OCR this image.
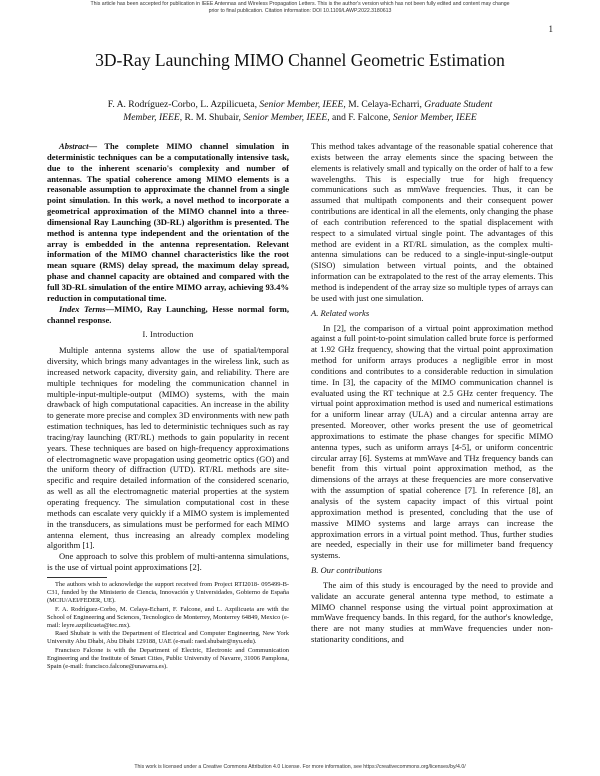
This article has been accepted for publication in IEEE Antennas and Wireless Propagation Letters. This is the author's version which has not been fully edited and content may change prior to final publication. Citation information: DOI 10.1109/LAWP.2022.3180613
1
3D-Ray Launching MIMO Channel Geometric Estimation
F. A. Rodríguez-Corbo, L. Azpilicueta, Senior Member, IEEE, M. Celaya-Echarri, Graduate Student
Member, IEEE, R. M. Shubair, Senior Member, IEEE, and F. Falcone, Senior Member, IEEE

Abstract— The complete MIMO channel simulation in deterministic techniques can be a computationally intensive task, due to the inherent scenario's complexity and number of antennas. The spatial coherence among MIMO elements is a reasonable assumption to approximate the channel from a single point simulation. In this work, a novel method to incorporate a geometrical approximation of the MIMO channel into a three-dimensional Ray Launching (3D-RL) algorithm is presented. The method is antenna type independent and the orientation of the array is embedded in the antenna representation. Relevant information of the MIMO channel characteristics like the root mean square (RMS) delay spread, the maximum delay spread, phase and channel capacity are obtained and compared with the full 3D-RL simulation of the entire MIMO array, achieving 93.4% reduction in computational time.

Index Terms—MIMO, Ray Launching, Hesse normal form, channel response.

I. Introduction

Multiple antenna systems allow the use of spatial/temporal diversity, which brings many advantages in the wireless link, such as increased network capacity, diversity gain, and reliability. There are multiple techniques for modeling the communication channel in multiple-input-multiple-output (MIMO) systems, with the main drawback of high computational capacities. An increase in the ability to generate more precise and complex 3D environments with new path estimation techniques, has led to deterministic techniques such as ray tracing/ray launching (RT/RL) methods to gain popularity in recent years. These techniques are based on high-frequency approximations of electromagnetic wave propagation using geometric optics (GO) and the uniform theory of diffraction (UTD). RT/RL methods are site-specific and require detailed information of the considered scenario, as well as all the electromagnetic material properties at the system operating frequency. The simulation computational cost in these methods can escalate very quickly if a MIMO system is implemented in the transducers, as simulations must be performed for each MIMO antenna element, thus increasing an already complex modeling algorithm [1].

One approach to solve this problem of multi-antenna simulations, is the use of virtual point approximations [2].

The authors wish to acknowledge the support received from Project RTI2018- 095499-B-C31, funded by the Ministerio de Ciencia, Innovación y Universidades, Gobierno de España (MCIU/AEI/FEDER, UE).

F. A. Rodríguez-Corbo, M. Celaya-Echarri, F. Falcone, and L. Azpilicueta are with the School of Engineering and Sciences, Tecnologico de Monterrey, Monterrey 64849, Mexico (e-mail: leyre.azpilicueta@tec.mx).

Raed Shubair is with the Department of Electrical and Computer Engineering, New York University Abu Dhabi, Abu Dhabi 129188, UAE (e-mail: raed.shubair@nyu.edu).

Francisco Falcone is with the Department of Electric, Electronic and Communication Engineering and the Institute of Smart Cities, Public University of Navarre, 31006 Pamplona, Spain (e-mail: francisco.falcone@unavarra.es).

This method takes advantage of the reasonable spatial coherence that exists between the array elements since the spacing between the elements is relatively small and typically on the order of half to a few wavelengths. This is especially true for high frequency communications such as mmWave frequencies. Thus, it can be assumed that multipath components and their consequent power contributions are identical in all the elements, only changing the phase of each contribution referenced to the spatial displacement with respect to a simulated virtual single point. The advantages of this method are evident in a RT/RL simulation, as the complex multi-antenna simulations can be reduced to a single-input-single-output (SISO) simulation between virtual points, and the obtained information can be extrapolated to the rest of the array elements. This method is independent of the array size so multiple types of arrays can be used with just one simulation.

A. Related works

In [2], the comparison of a virtual point approximation method against a full point-to-point simulation called brute force is performed at 1.92 GHz frequency, showing that the virtual point approximation method for uniform arrays produces a negligible error in most conditions and contributes to a considerable reduction in simulation time. In [3], the capacity of the MIMO communication channel is evaluated using the RT technique at 2.5 GHz center frequency. The virtual point approximation method is used and numerical estimations for a uniform linear array (ULA) and a circular antenna array are presented. Moreover, other works present the use of geometrical approximations to estimate the phase changes for specific MIMO antenna types, such as uniform arrays [4-5], or uniform concentric circular array [6]. Systems at mmWave and THz frequency bands can benefit from this virtual point approximation method, as the dimensions of the arrays at these frequencies are more conservative with the assumption of spatial coherence [7]. In reference [8], an analysis of the system capacity impact of this virtual point approximation method is presented, concluding that the use of massive MIMO systems and large arrays can increase the approximation errors in a virtual point method. Thus, further studies are needed, especially in their use for millimeter band frequency systems.

B. Our contributions

The aim of this study is encouraged by the need to provide and validate an accurate general antenna type method, to estimate a MIMO channel response using the virtual point approximation at mmWave frequency bands. In this regard, for the author's knowledge, there are not many studies at mmWave frequencies under non-stationarity conditions, and

This work is licensed under a Creative Commons Attribution 4.0 License. For more information, see https://creativecommons.org/licenses/by/4.0/
